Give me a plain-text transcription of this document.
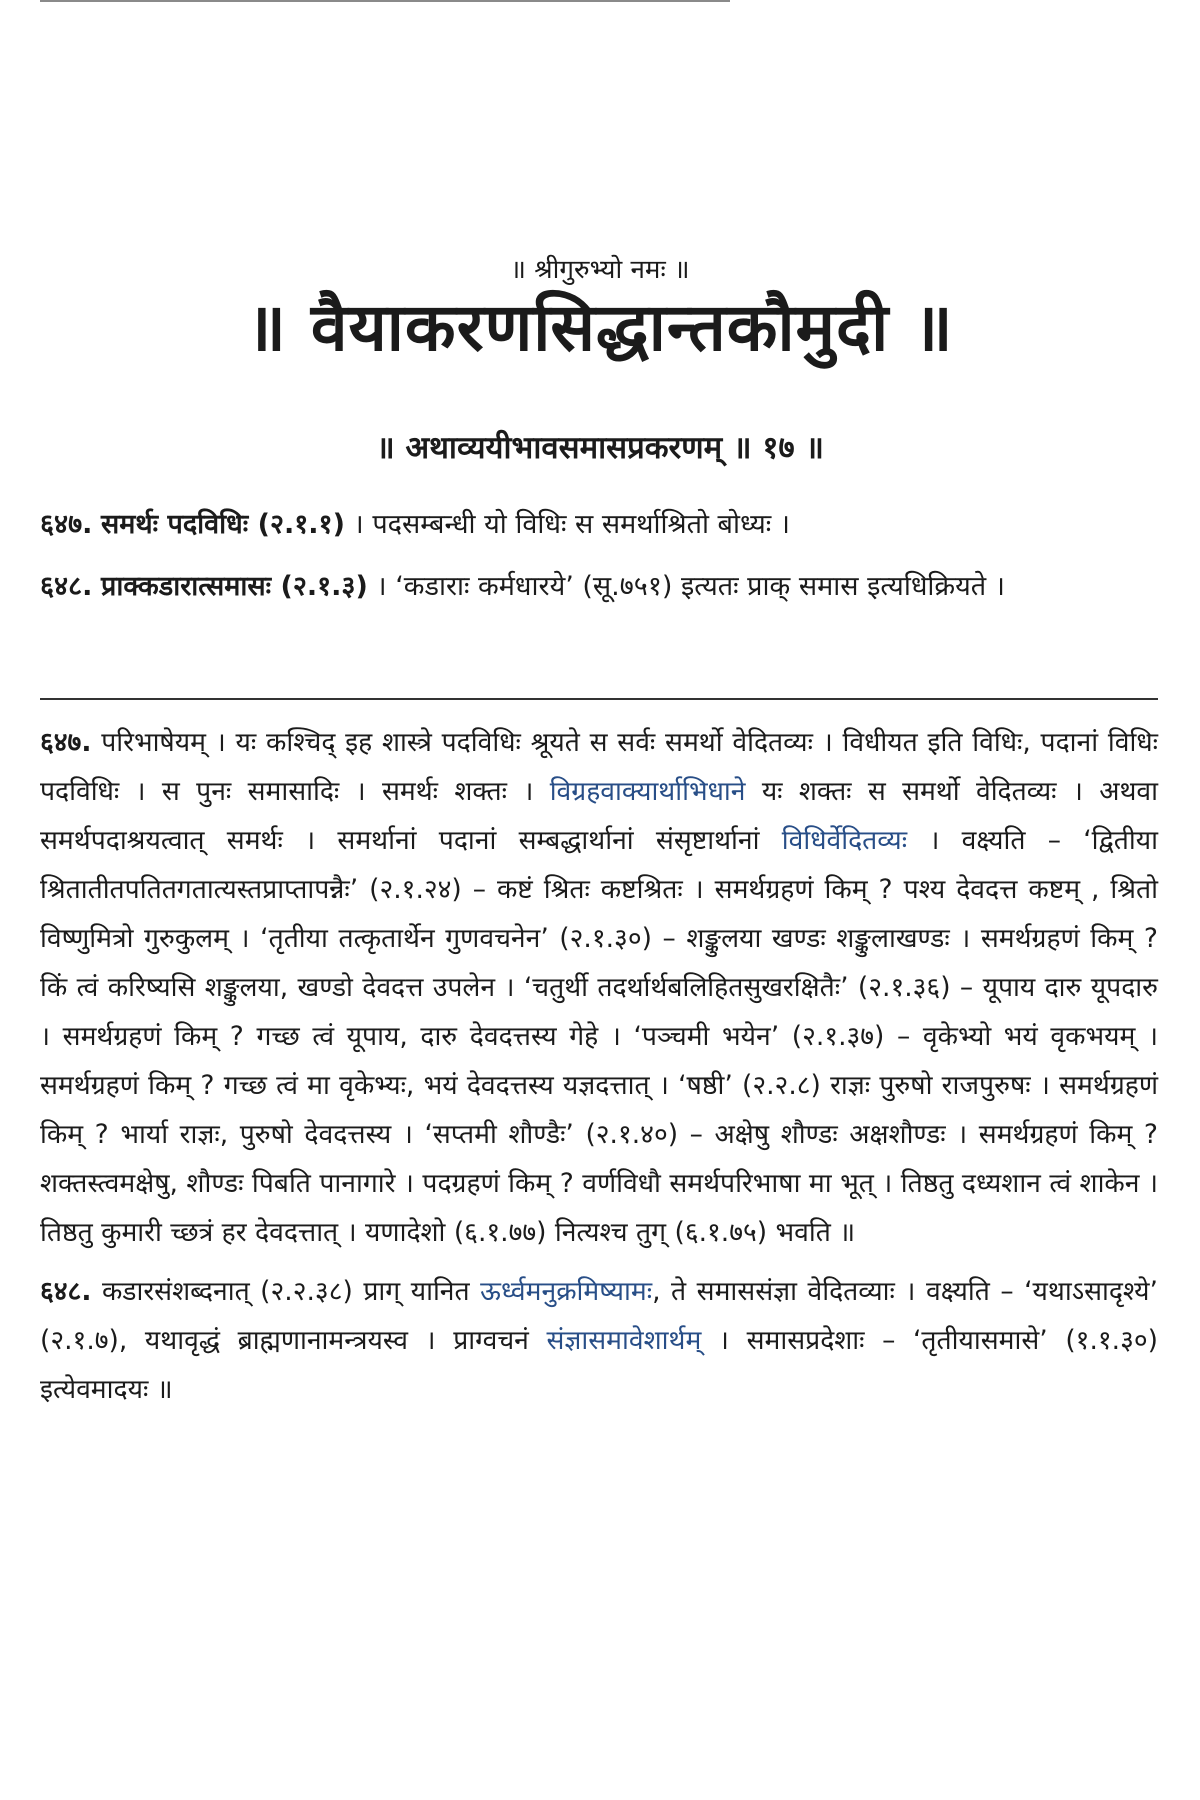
॥ श्रीगुरुभ्यो नमः ॥
॥ वैयाकरणसिद्धान्तकौमुदी ॥
॥ अथाव्ययीभावसमासप्रकरणम् ॥ १७ ॥

६४७. समर्थः पदविधिः (२.१.१) । पदसम्बन्धी यो विधिः स समर्थाश्रितो बोध्यः ।

६४८. प्राक्कडारात्समासः (२.१.३) । ‘कडाराः कर्मधारये’ (सू.७५१) इत्यतः प्राक् समास इत्यधिक्रियते ।

६४७. परिभाषेयम् । यः कश्चिद् इह शास्त्रे पदविधिः श्रूयते स सर्वः समर्थो वेदितव्यः । विधीयत इति विधिः, पदानां विधिः पदविधिः । स पुनः समासादिः । समर्थः शक्तः । विग्रहवाक्यार्थाभिधाने यः शक्तः स समर्थो वेदितव्यः । अथवा समर्थपदाश्रयत्वात् समर्थः । समर्थानां पदानां सम्बद्धार्थानां संसृष्टार्थानां विधिर्वेदितव्यः । वक्ष्यति – ‘द्वितीया श्रितातीतपतितगतात्यस्तप्राप्तापन्नैः’ (२.१.२४) – कष्टं श्रितः कष्टश्रितः । समर्थग्रहणं किम् ? पश्य देवदत्त कष्टम् , श्रितो विष्णुमित्रो गुरुकुलम् । ‘तृतीया तत्कृतार्थेन गुणवचनेन’ (२.१.३०) – शङ्कुलया खण्डः शङ्कुलाखण्डः । समर्थग्रहणं किम् ? किं त्वं करिष्यसि शङ्कुलया, खण्डो देवदत्त उपलेन । ‘चतुर्थी तदर्थार्थबलिहितसुखरक्षितैः’ (२.१.३६) – यूपाय दारु यूपदारु । समर्थग्रहणं किम् ? गच्छ त्वं यूपाय, दारु देवदत्तस्य गेहे । ‘पञ्चमी भयेन’ (२.१.३७) – वृकेभ्यो भयं वृकभयम् । समर्थग्रहणं किम् ? गच्छ त्वं मा वृकेभ्यः, भयं देवदत्तस्य यज्ञदत्तात् । ‘षष्ठी’ (२.२.८) राज्ञः पुरुषो राजपुरुषः । समर्थग्रहणं किम् ? भार्या राज्ञः, पुरुषो देवदत्तस्य । ‘सप्तमी शौण्डैः’ (२.१.४०) – अक्षेषु शौण्डः अक्षशौण्डः । समर्थग्रहणं किम् ? शक्तस्त्वमक्षेषु, शौण्डः पिबति पानागारे । पदग्रहणं किम् ? वर्णविधौ समर्थपरिभाषा मा भूत् । तिष्ठतु दध्यशान त्वं शाकेन । तिष्ठतु कुमारी च्छत्रं हर देवदत्तात् । यणादेशो (६.१.७७) नित्यश्च तुग् (६.१.७५) भवति ॥

६४८. कडारसंशब्दनात् (२.२.३८) प्राग् यानित ऊर्ध्वमनुक्रमिष्यामः, ते समाससंज्ञा वेदितव्याः । वक्ष्यति – ‘यथाऽसादृश्ये’ (२.१.७), यथावृद्धं ब्राह्मणानामन्त्रयस्व । प्राग्वचनं संज्ञासमावेशार्थम् । समासप्रदेशाः – ‘तृतीयासमासे’ (१.१.३०) इत्येवमादयः ॥
